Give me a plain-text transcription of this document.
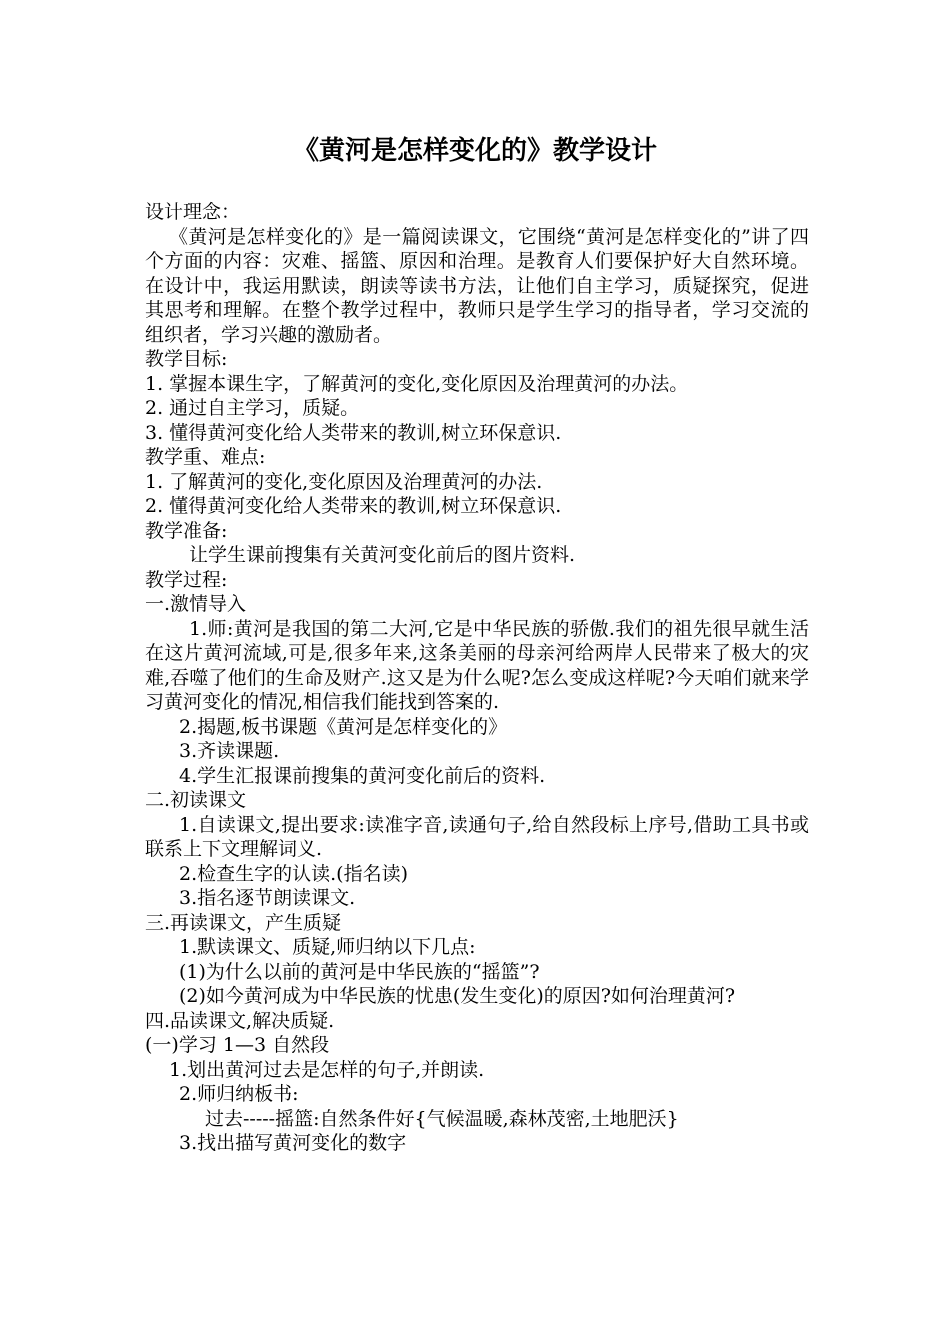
《黄河是怎样变化的》教学设计

设计理念：

《黄河是怎样变化的》是一篇阅读课文，它围绕“黄河是怎样变化的”讲了四个方面的内容：灾难、摇篮、原因和治理。是教育人们要保护好大自然环境。在设计中，我运用默读，朗读等读书方法，让他们自主学习，质疑探究，促进其思考和理解。在整个教学过程中，教师只是学生学习的指导者，学习交流的组织者，学习兴趣的激励者。

教学目标:

1. 掌握本课生字，了解黄河的变化,变化原因及治理黄河的办法。

2. 通过自主学习，质疑。

3. 懂得黄河变化给人类带来的教训,树立环保意识.

教学重、难点:

1. 了解黄河的变化,变化原因及治理黄河的办法.

2. 懂得黄河变化给人类带来的教训,树立环保意识.

教学准备:

让学生课前搜集有关黄河变化前后的图片资料.

教学过程:

一.激情导入

1.师:黄河是我国的第二大河,它是中华民族的骄傲.我们的祖先很早就生活在这片黄河流域,可是,很多年来,这条美丽的母亲河给两岸人民带来了极大的灾难,吞噬了他们的生命及财产.这又是为什么呢?怎么变成这样呢?今天咱们就来学习黄河变化的情况,相信我们能找到答案的.

2.揭题,板书课题《黄河是怎样变化的》

3.齐读课题.

4.学生汇报课前搜集的黄河变化前后的资料.

二.初读课文

1.自读课文,提出要求:读准字音,读通句子,给自然段标上序号,借助工具书或联系上下文理解词义.

2.检查生字的认读.(指名读)

3.指名逐节朗读课文.

三.再读课文，产生质疑

1.默读课文、质疑,师归纳以下几点:

(1)为什么以前的黄河是中华民族的“摇篮”?

(2)如今黄河成为中华民族的忧患(发生变化)的原因?如何治理黄河?

四.品读课文,解决质疑.

(一)学习 1—3 自然段

1.划出黄河过去是怎样的句子,并朗读.

2.师归纳板书:

过去-----摇篮:自然条件好{气候温暖,森林茂密,土地肥沃}

3.找出描写黄河变化的数字
